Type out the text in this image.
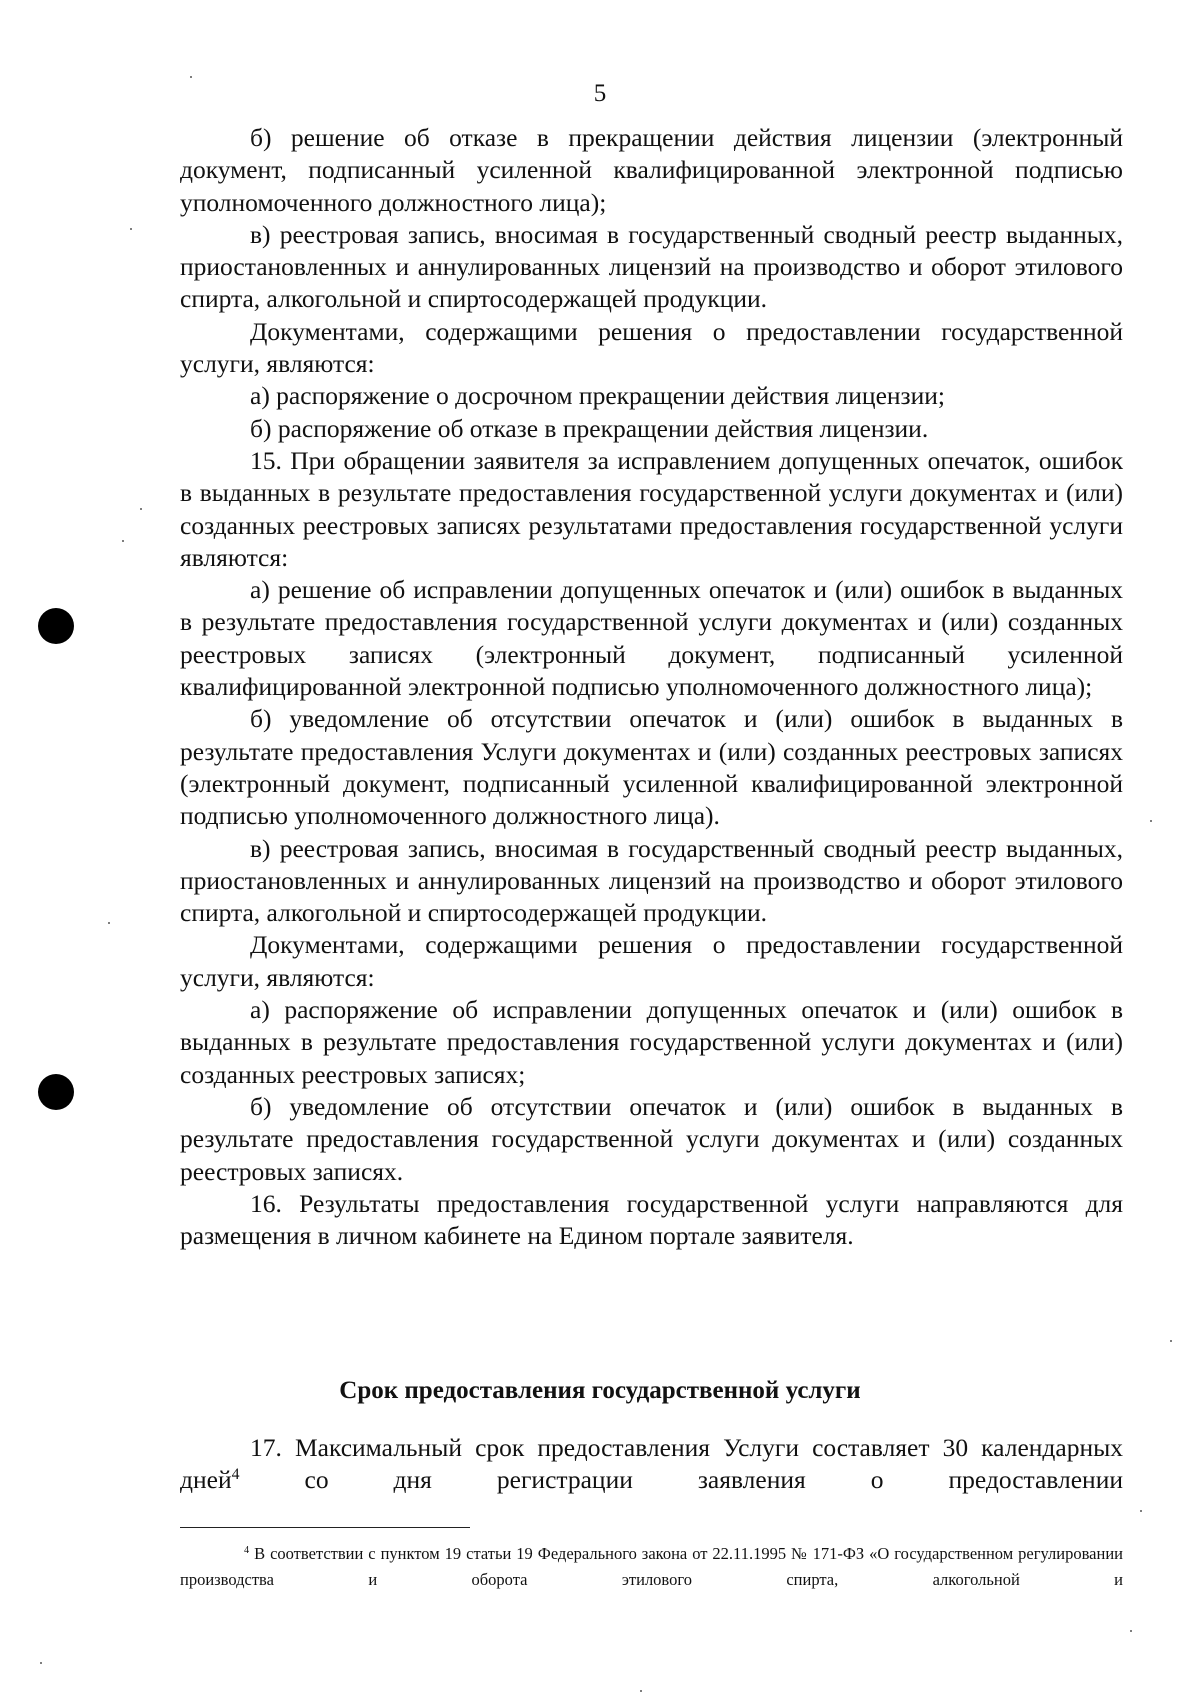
5

б) решение об отказе в прекращении действия лицензии (электронный документ, подписанный усиленной квалифицированной электронной подписью уполномоченного должностного лица);

в) реестровая запись, вносимая в государственный сводный реестр выданных, приостановленных и аннулированных лицензий на производство и оборот этилового спирта, алкогольной и спиртосодержащей продукции.

Документами, содержащими решения о предоставлении государственной услуги, являются:

а) распоряжение о досрочном прекращении действия лицензии;

б) распоряжение об отказе в прекращении действия лицензии.

15. При обращении заявителя за исправлением допущенных опечаток, ошибок в выданных в результате предоставления государственной услуги документах и (или) созданных реестровых записях результатами предоставления государственной услуги являются:

а) решение об исправлении допущенных опечаток и (или) ошибок в выданных в результате предоставления государственной услуги документах и (или) созданных реестровых записях (электронный документ, подписанный усиленной квалифицированной электронной подписью уполномоченного должностного лица);

б) уведомление об отсутствии опечаток и (или) ошибок в выданных в результате предоставления Услуги документах и (или) созданных реестровых записях (электронный документ, подписанный усиленной квалифицированной электронной подписью уполномоченного должностного лица).

в) реестровая запись, вносимая в государственный сводный реестр выданных, приостановленных и аннулированных лицензий на производство и оборот этилового спирта, алкогольной и спиртосодержащей продукции.

Документами, содержащими решения о предоставлении государственной услуги, являются:

а) распоряжение об исправлении допущенных опечаток и (или) ошибок в выданных в результате предоставления государственной услуги документах и (или) созданных реестровых записях;

б) уведомление об отсутствии опечаток и (или) ошибок в выданных в результате предоставления государственной услуги документах и (или) созданных реестровых записях.

16. Результаты предоставления государственной услуги направляются для размещения в личном кабинете на Едином портале заявителя.

Срок предоставления государственной услуги

17. Максимальный срок предоставления Услуги составляет 30 календарных дней$^4$ со дня регистрации заявления о предоставлении

$^4$ В соответствии с пунктом 19 статьи 19 Федерального закона от 22.11.1995 № 171-ФЗ «О государственном регулировании производства и оборота этилового спирта, алкогольной и
